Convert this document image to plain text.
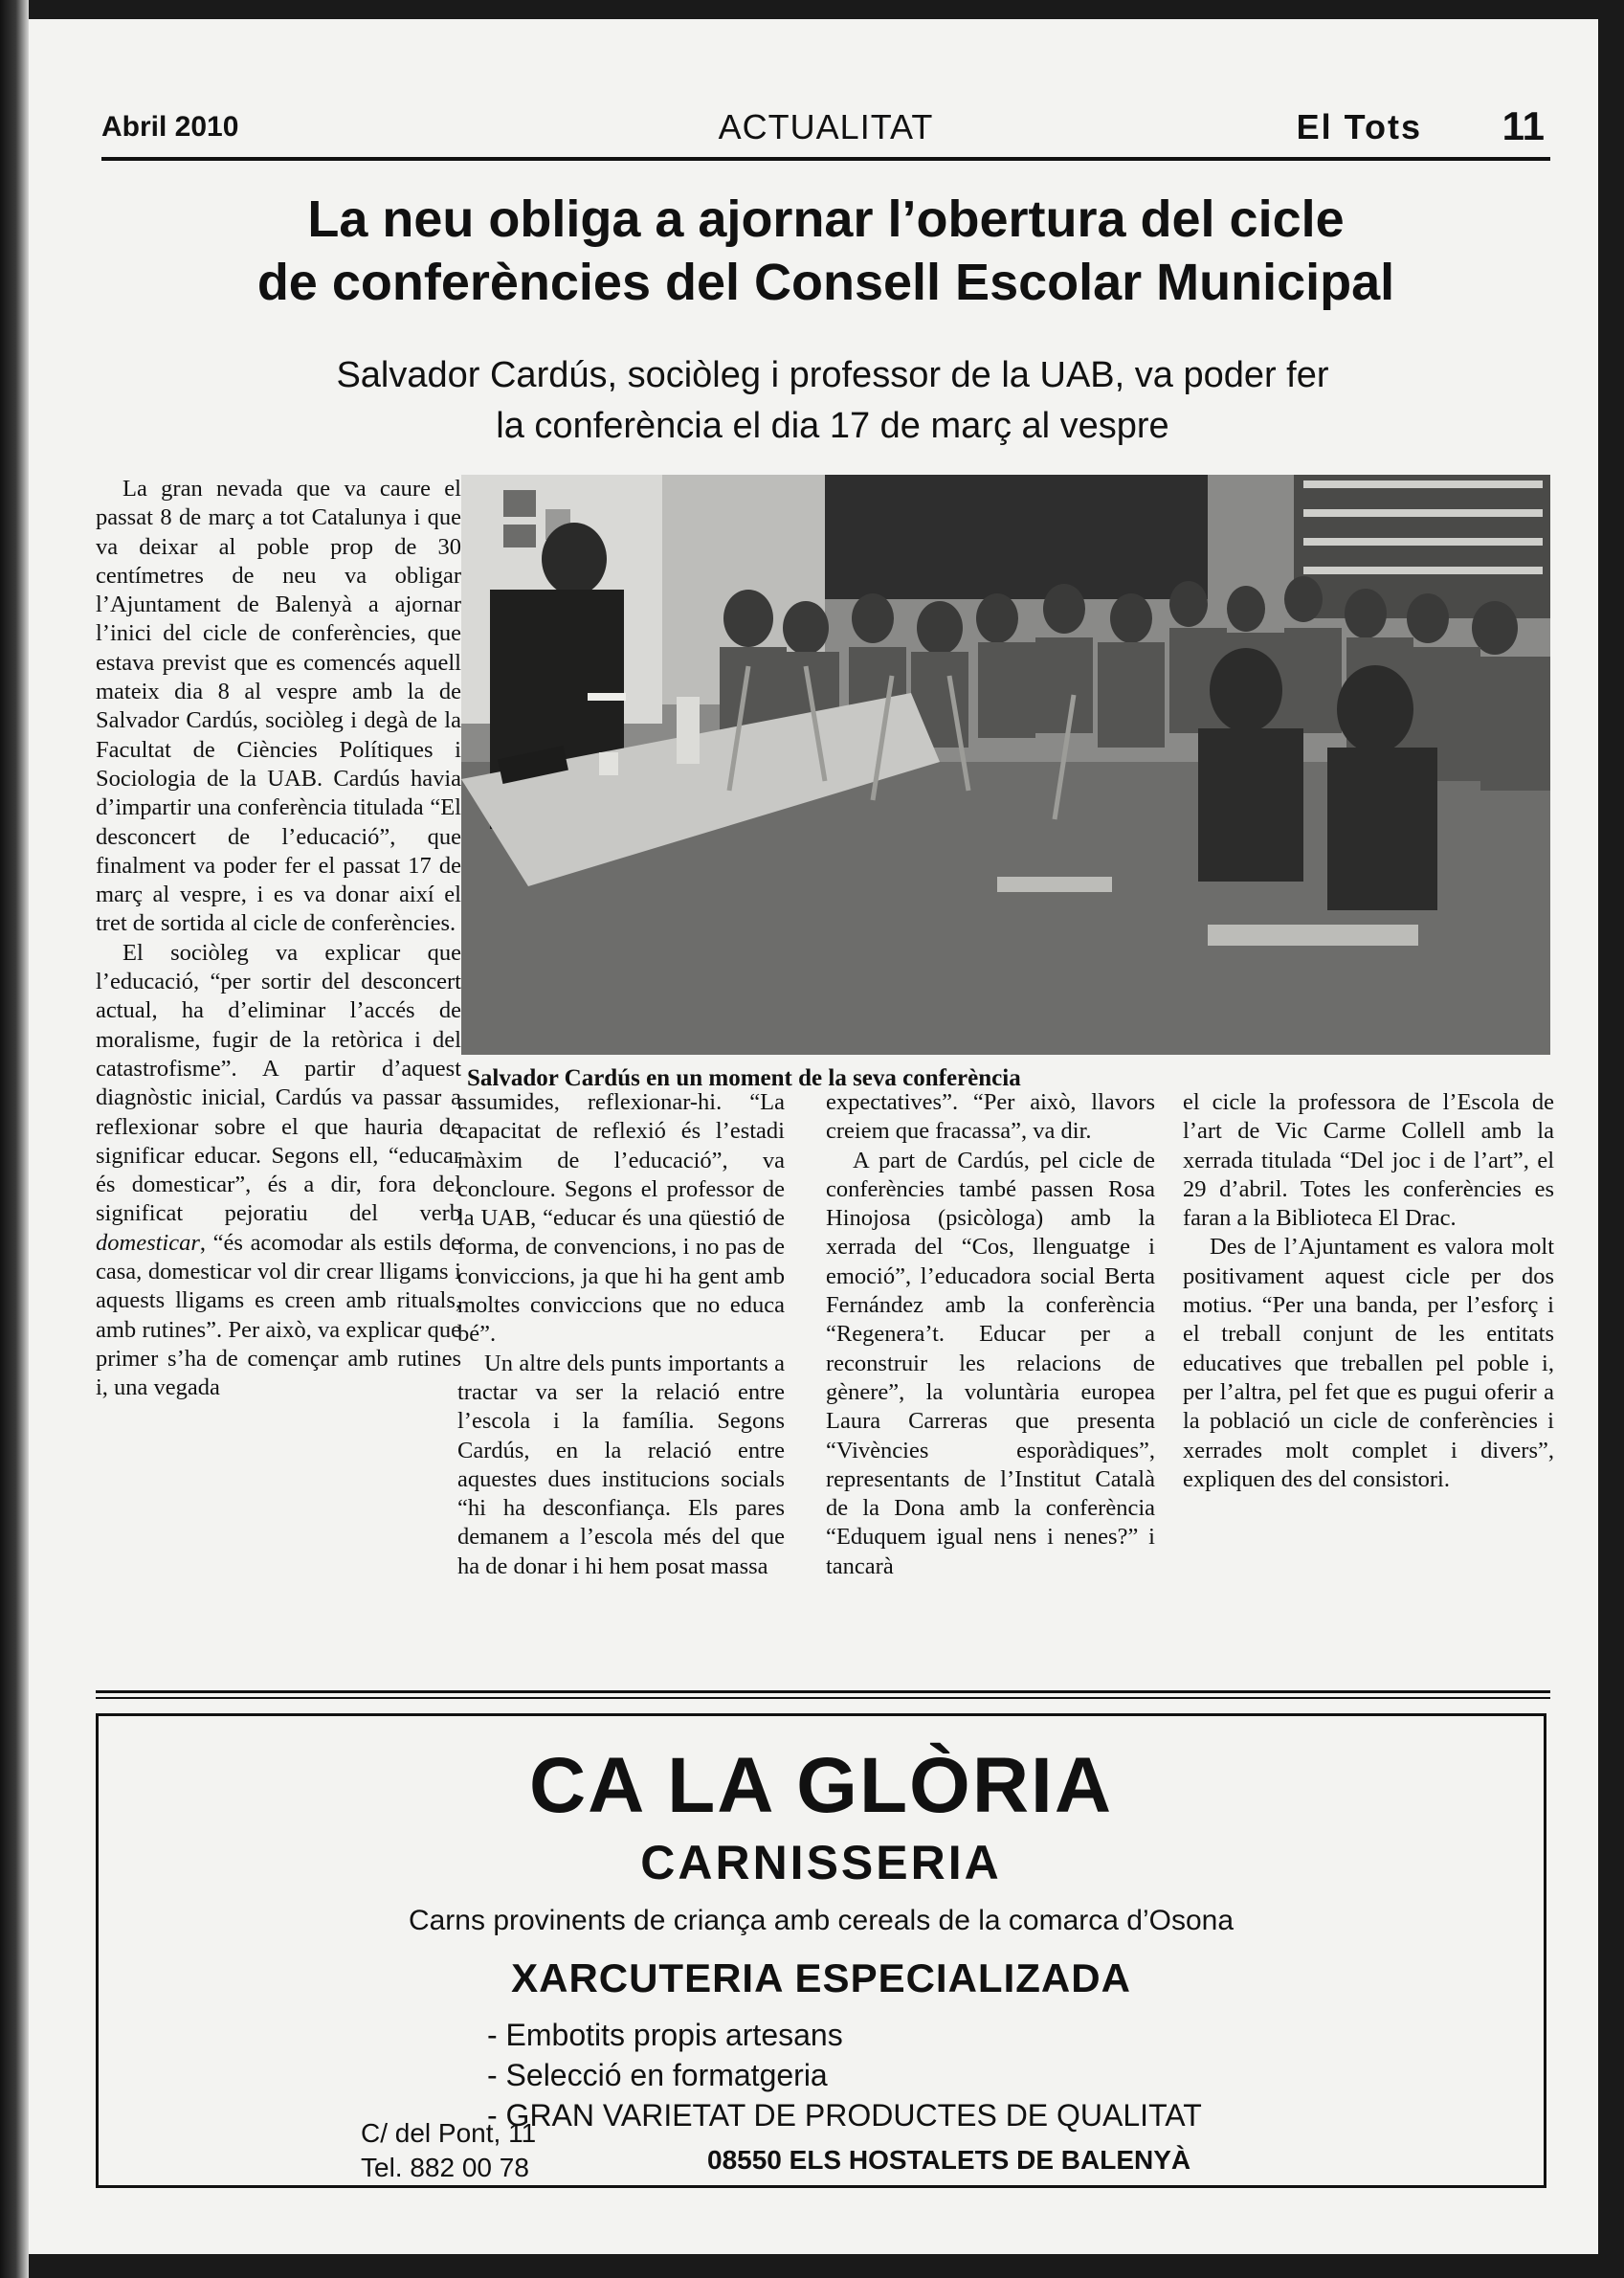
Abril 2010	ACTUALITAT	El Tots 11
La neu obliga a ajornar l’obertura del cicle
de conferències del Consell Escolar Municipal
Salvador Cardús, sociòleg i professor de la UAB, va poder fer
la conferència el dia 17 de març al vespre

La gran nevada que va caure el passat 8 de març a tot Catalunya i que va deixar al poble prop de 30 centímetres de neu va obligar l’Ajuntament de Balenyà a ajornar l’inici del cicle de conferències, que estava previst que es comencés aquell mateix dia 8 al vespre amb la de Salvador Cardús, sociòleg i degà de la Facultat de Ciències Polítiques i Sociologia de la UAB. Cardús havia d’impartir una conferència titulada “El desconcert de l’educació”, que finalment va poder fer el passat 17 de març al vespre, i es va donar així el tret de sortida al cicle de conferències.

El sociòleg va explicar que l’educació, “per sortir del desconcert actual, ha d’eliminar l’accés de moralisme, fugir de la retòrica i del catastrofisme”. A partir d’aquest diagnòstic inicial, Cardús va passar a reflexionar sobre el que hauria de significar educar. Segons ell, “educar és domesticar”, és a dir, fora del significat pejoratiu del verb domesticar, “és acomodar als estils de casa, domesticar vol dir crear lligams i aquests lligams es creen amb rituals, amb rutines”. Per això, va explicar que primer s’ha de començar amb rutines i, una vegada

Salvador Cardús en un moment de la seva conferència

assumides, reflexionar-hi. “La capacitat de reflexió és l’estadi màxim de l’educació”, va concloure. Segons el professor de la UAB, “educar és una qüestió de forma, de convencions, i no pas de conviccions, ja que hi ha gent amb moltes conviccions que no educa bé”.

Un altre dels punts importants a tractar va ser la relació entre l’escola i la família. Segons Cardús, en la relació entre aquestes dues institucions socials “hi ha desconfiança. Els pares demanem a l’escola més del que ha de donar i hi hem posat massa

expectatives”. “Per això, llavors creiem que fracassa”, va dir.

A part de Cardús, pel cicle de conferències també passen Rosa Hinojosa (psicòloga) amb la xerrada del “Cos, llenguatge i emoció”, l’educadora social Berta Fernández amb la conferència “Regenera’t. Educar per a reconstruir les relacions de gènere”, la voluntària europea Laura Carreras que presenta “Vivències esporàdiques”, representants de l’Institut Català de la Dona amb la conferència “Eduquem igual nens i nenes?” i tancarà

el cicle la professora de l’Escola de l’art de Vic Carme Collell amb la xerrada titulada “Del joc i de l’art”, el 29 d’abril. Totes les conferències es faran a la Biblioteca El Drac.

Des de l’Ajuntament es valora molt positivament aquest cicle per dos motius. “Per una banda, per l’esforç i el treball conjunt de les entitats educatives que treballen pel poble i, per l’altra, pel fet que es pugui oferir a la població un cicle de conferències i xerrades molt complet i divers”, expliquen des del consistori.

CA LA GLÒRIA
CARNISSERIA
Carns provinents de criança amb cereals de la comarca d’Osona
XARCUTERIA ESPECIALIZADA
- Embotits propis artesans
- Selecció en formatgeria
- GRAN VARIETAT DE PRODUCTES DE QUALITAT
C/ del Pont, 11
Tel. 882 00 78	08550 ELS HOSTALETS DE BALENYÀ
